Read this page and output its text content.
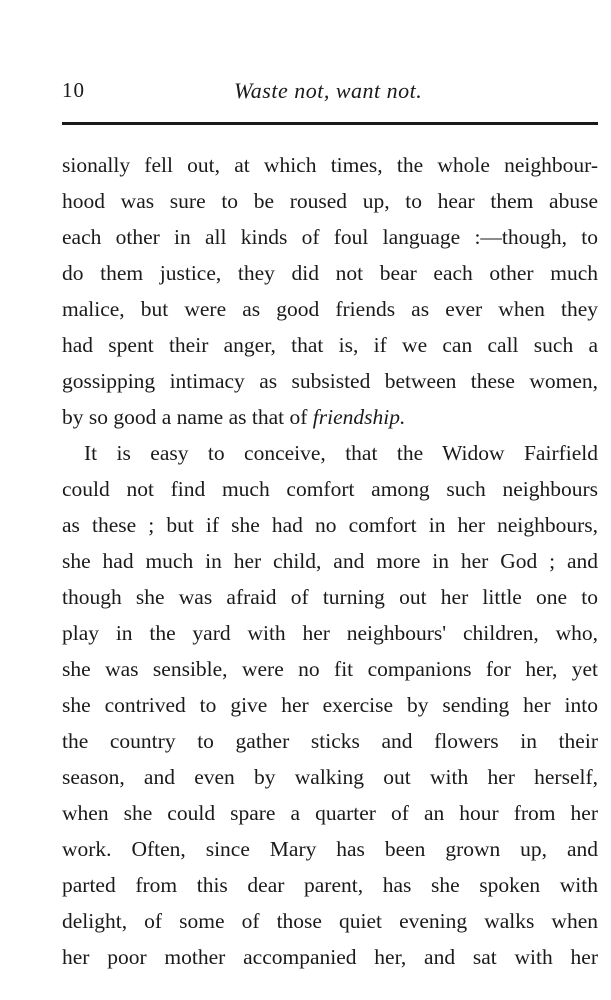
10	Waste not, want not.
sionally fell out, at which times, the whole neighbour-
hood was sure to be roused up, to hear them abuse
each other in all kinds of foul language :—though, to
do them justice, they did not bear each other much
malice, but were as good friends as ever when they
had spent their anger, that is, if we can call such a
gossipping intimacy as subsisted between these women,
by so good a name as that of friendship.
It is easy to conceive, that the Widow Fairfield
could not find much comfort among such neighbours
as these ; but if she had no comfort in her neighbours,
she had much in her child, and more in her God ; and
though she was afraid of turning out her little one to
play in the yard with her neighbours' children, who,
she was sensible, were no fit companions for her, yet
she contrived to give her exercise by sending her into
the country to gather sticks and flowers in their
season, and even by walking out with her herself,
when she could spare a quarter of an hour from her
work. Often, since Mary has been grown up, and
parted from this dear parent, has she spoken with
delight, of some of those quiet evening walks when
her poor mother accompanied her, and sat with her
